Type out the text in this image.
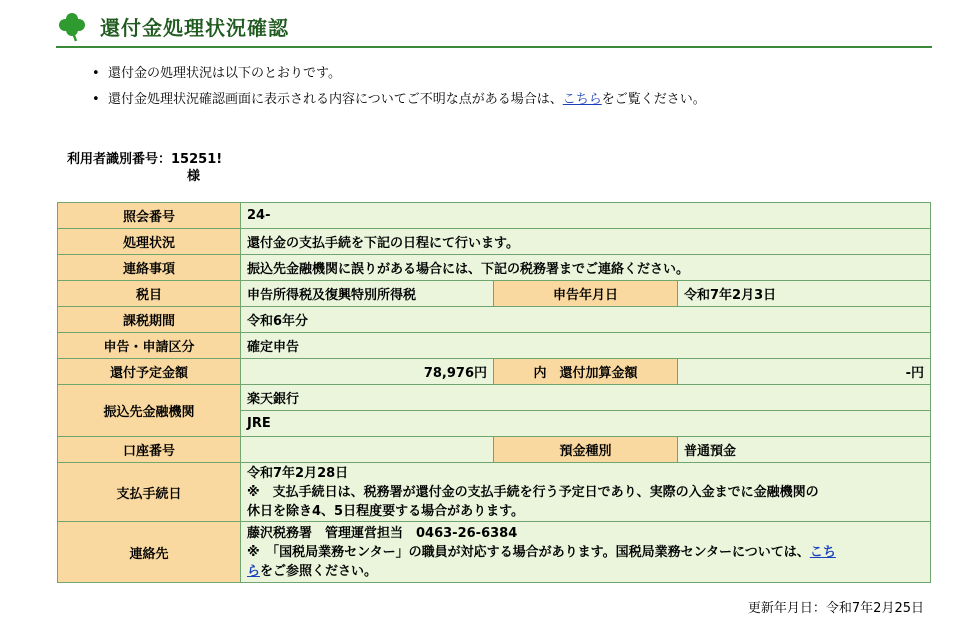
還付金処理状況確認
• 還付金の処理状況は以下のとおりです。
• 還付金処理状況確認画面に表示される内容についてご不明な点がある場合は、こちらをご覧ください。
利用者識別番号：15251!
様
照会番号	24-		
処理状況	還付金の支払手続を下記の日程にて行います。		
連絡事項	振込先金融機関に誤りがある場合には、下記の税務署までご連絡ください。		
税目	申告所得税及復興特別所得税	申告年月日	令和7年2月3日
課税期間	令和6年分		
申告・申請区分	確定申告		
還付予定金額	78,976円	内　還付加算金額	-円
振込先金融機関	楽天銀行		
	JRE		
口座番号		預金種別	普通預金
支払手続日	令和7年2月28日
※　支払手続日は、税務署が還付金の支払手続を行う予定日であり、実際の入金までに金融機関の
休日を除き4、5日程度要する場合があります。		

連絡先	藤沢税務署　管理運営担当　0463-26-6384
※　「国税局業務センター」の職員が対応する場合があります。国税局業務センターについては、こち
らをご参照ください。		
更新年月日：令和7年2月25日
